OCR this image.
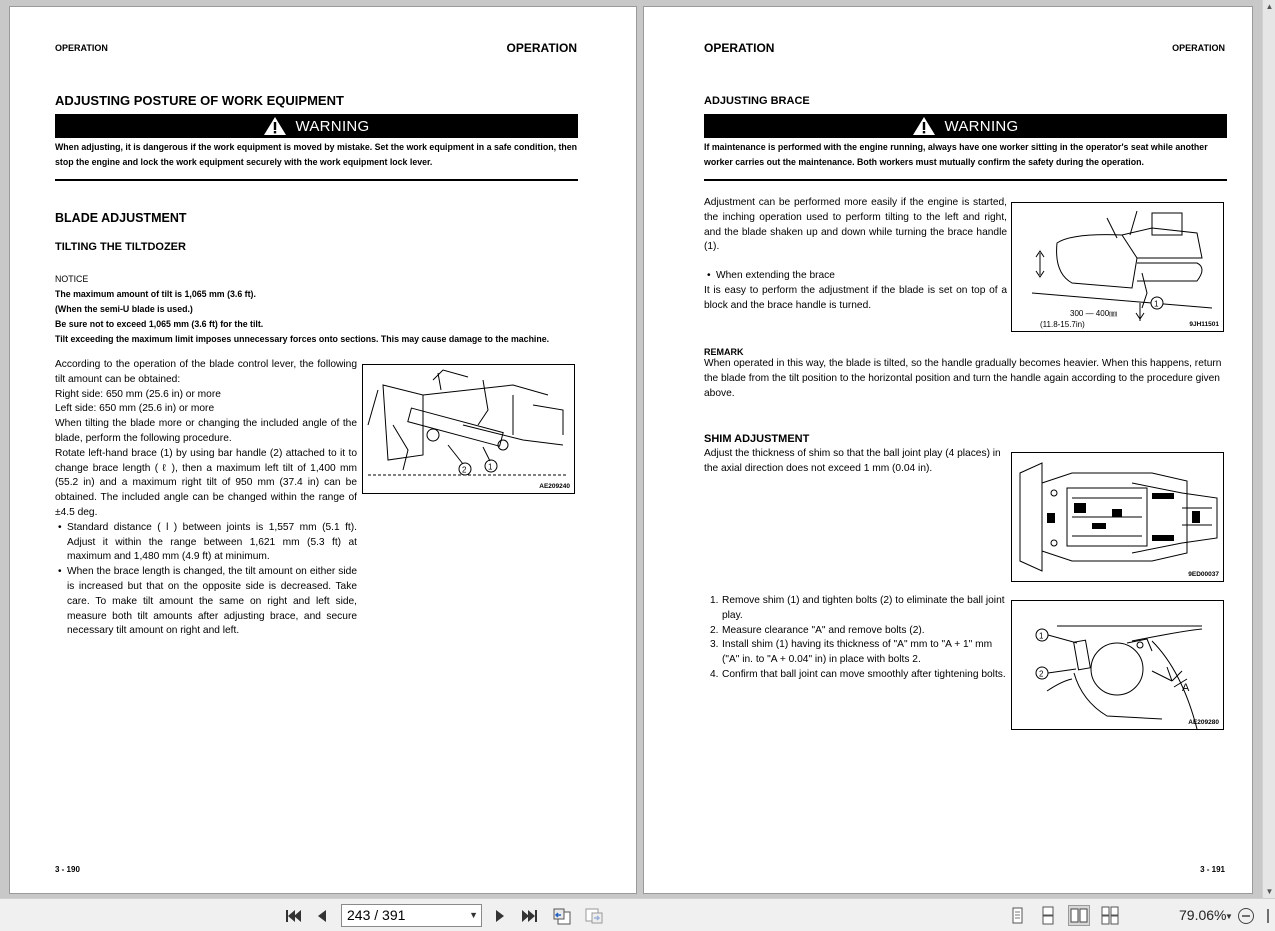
OPERATION	OPERATION
ADJUSTING POSTURE OF WORK EQUIPMENT
WARNING
When adjusting, it is dangerous if the work equipment is moved by mistake. Set the work equipment in a safe condition, then stop the engine and lock the work equipment securely with the work equipment lock lever.
BLADE ADJUSTMENT
TILTING THE TILTDOZER
NOTICE
The maximum amount of tilt is 1,065 mm (3.6 ft).
(When the semi-U blade is used.)
Be sure not to exceed 1,065 mm (3.6 ft) for the tilt.
Tilt exceeding the maximum limit imposes unnecessary forces onto sections. This may cause damage to the machine.
According to the operation of the blade control lever, the following tilt amount can be obtained:
Right side: 650 mm (25.6 in) or more
Left side: 650 mm (25.6 in) or more
When tilting the blade more or changing the included angle of the blade, perform the following procedure.
Rotate left-hand brace (1) by using bar handle (2) attached to it to change brace length ( ℓ ), then a maximum left tilt of 1,400 mm (55.2 in) and a maximum right tilt of 950 mm (37.4 in) can be obtained. The included angle can be changed within the range of ±4.5 deg.
• Standard distance ( l ) between joints is 1,557 mm (5.1 ft). Adjust it within the range between 1,621 mm (5.3 ft) at maximum and 1,480 mm (4.9 ft) at minimum.
• When the brace length is changed, the tilt amount on either side is increased but that on the opposite side is decreased. Take care. To make tilt amount the same on right and left side, measure both tilt amounts after adjusting brace, and secure necessary tilt amount on right and left.
2	1
AE209240
3 - 190
OPERATION	OPERATION
ADJUSTING BRACE
WARNING
If maintenance is performed with the engine running, always have one worker sitting in the operator's seat while another worker carries out the maintenance. Both workers must mutually confirm the safety during the operation.
Adjustment can be performed more easily if the engine is started, the inching operation used to perform tilting to the left and right, and the blade shaken up and down while turning the brace handle (1).
• When extending the brace
It is easy to perform the adjustment if the blade is set on top of a block and the brace handle is turned.	1
300 — 400㎜
(11.8-15.7in)	9JH11501
REMARK
When operated in this way, the blade is tilted, so the handle gradually becomes heavier. When this happens, return the blade from the tilt position to the horizontal position and turn the handle again according to the procedure given above.
SHIM ADJUSTMENT
Adjust the thickness of shim so that the ball joint play (4 places) in the axial direction does not exceed 1 mm (0.04 in).
9ED00037
1. Remove shim (1) and tighten bolts (2) to eliminate the ball joint play.
2. Measure clearance "A" and remove bolts (2).
3. Install shim (1) having its thickness of "A" mm to "A + 1" mm ("A" in. to "A + 0.04" in) in place with bolts 2.
4. Confirm that ball joint can move smoothly after tightening bolts.
1
2
A
AE209280
3 - 191
▲
▼
243 / 391	▼	79.06%
▼
